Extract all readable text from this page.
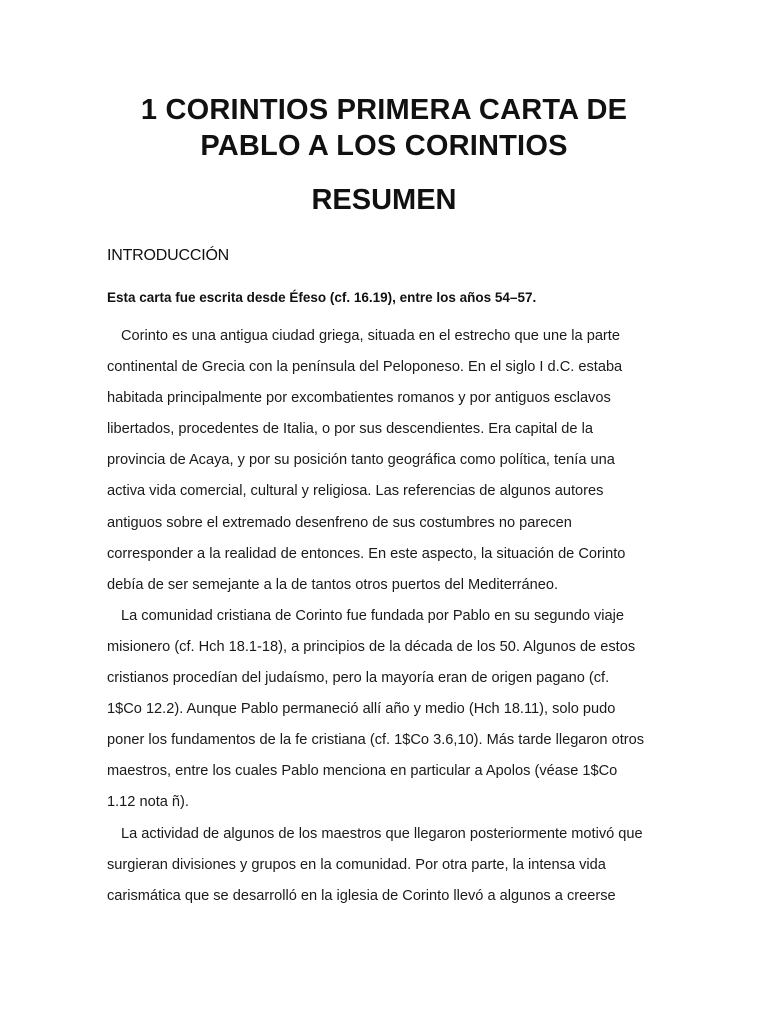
1 CORINTIOS PRIMERA CARTA DE
PABLO A LOS CORINTIOS
RESUMEN
INTRODUCCIÓN

Esta carta fue escrita desde Éfeso (cf. 16.19), entre los años 54–57.

Corinto es una antigua ciudad griega, situada en el estrecho que une la parte
continental de Grecia con la península del Peloponeso. En el siglo I d.C. estaba
habitada principalmente por excombatientes romanos y por antiguos esclavos
libertados, procedentes de Italia, o por sus descendientes. Era capital de la
provincia de Acaya, y por su posición tanto geográfica como política, tenía una
activa vida comercial, cultural y religiosa. Las referencias de algunos autores
antiguos sobre el extremado desenfreno de sus costumbres no parecen
corresponder a la realidad de entonces. En este aspecto, la situación de Corinto
debía de ser semejante a la de tantos otros puertos del Mediterráneo.

La comunidad cristiana de Corinto fue fundada por Pablo en su segundo viaje
misionero (cf. Hch 18.1-18), a principios de la década de los 50. Algunos de estos
cristianos procedían del judaísmo, pero la mayoría eran de origen pagano (cf.
1$Co 12.2). Aunque Pablo permaneció allí año y medio (Hch 18.11), solo pudo
poner los fundamentos de la fe cristiana (cf. 1$Co 3.6,10). Más tarde llegaron otros
maestros, entre los cuales Pablo menciona en particular a Apolos (véase 1$Co
1.12 nota ñ).

La actividad de algunos de los maestros que llegaron posteriormente motivó que
surgieran divisiones y grupos en la comunidad. Por otra parte, la intensa vida
carismática que se desarrolló en la iglesia de Corinto llevó a algunos a creerse
